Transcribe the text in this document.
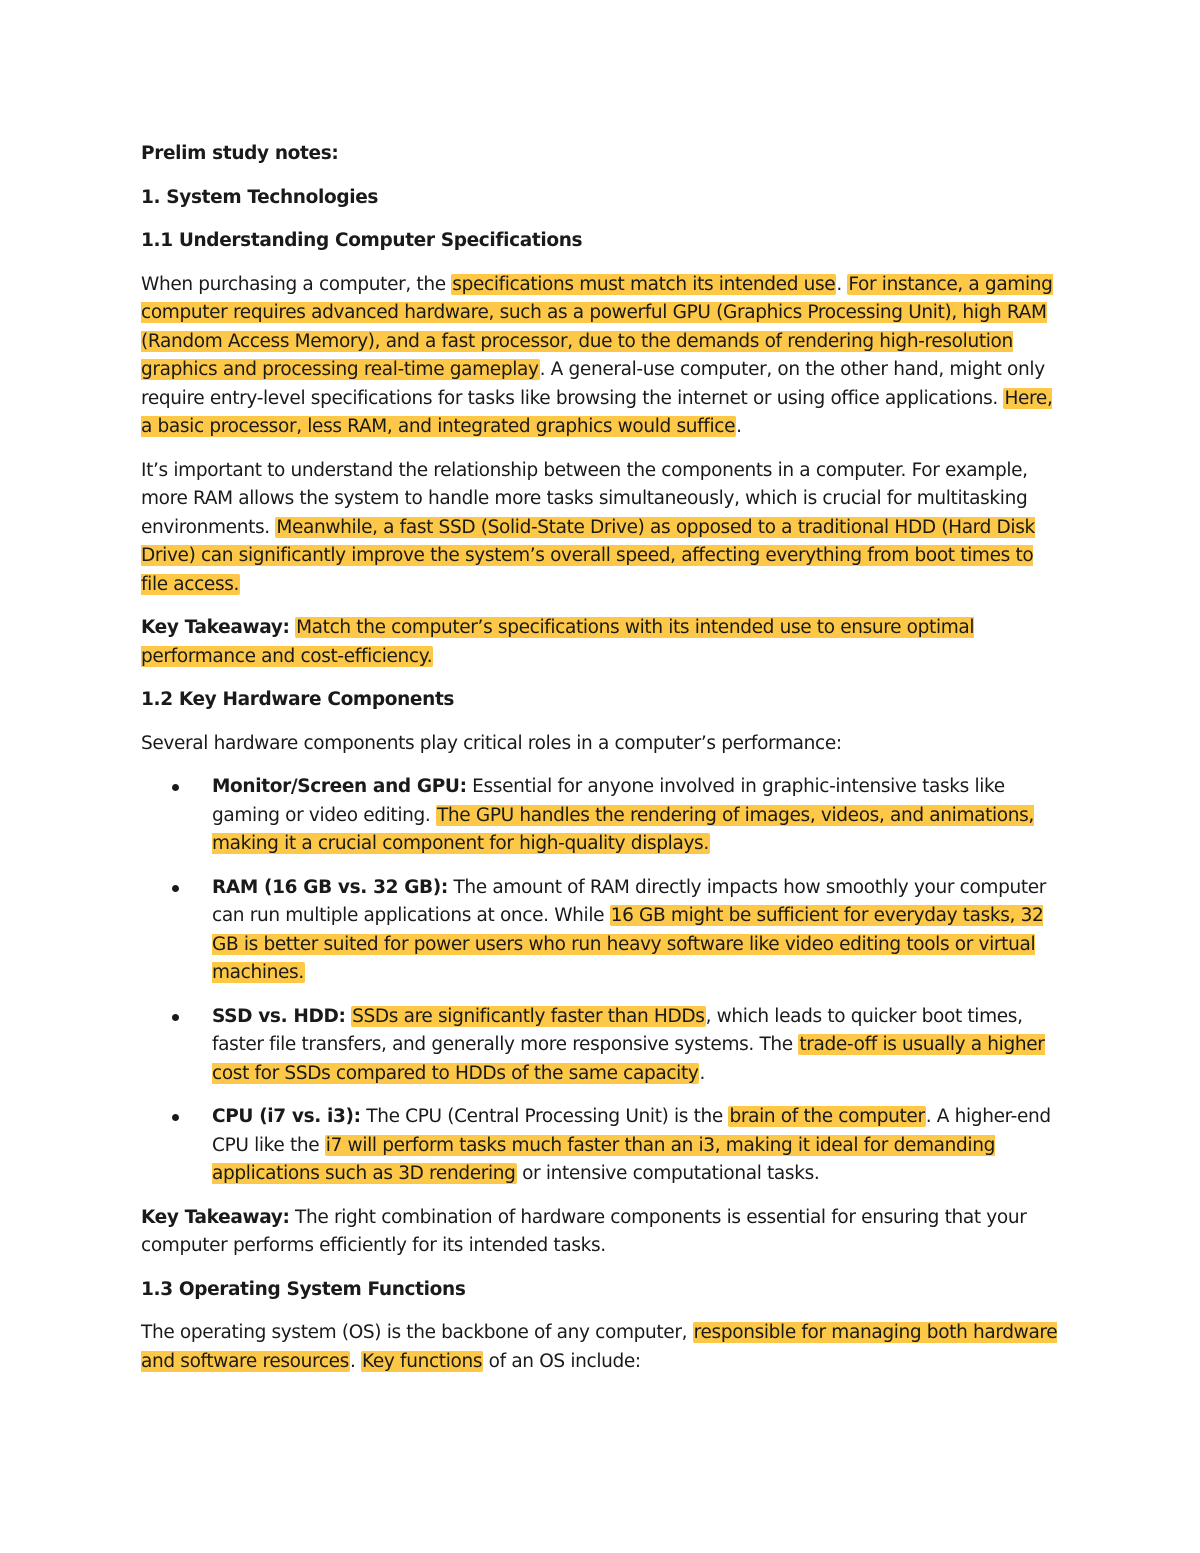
Prelim study notes:

1. System Technologies

1.1 Understanding Computer Specifications

When purchasing a computer, the specifications must match its intended use. For instance, a gaming computer requires advanced hardware, such as a powerful GPU (Graphics Processing Unit), high RAM (Random Access Memory), and a fast processor, due to the demands of rendering high-resolution graphics and processing real-time gameplay. A general-use computer, on the other hand, might only require entry-level specifications for tasks like browsing the internet or using office applications. Here, a basic processor, less RAM, and integrated graphics would suffice.

It’s important to understand the relationship between the components in a computer. For example, more RAM allows the system to handle more tasks simultaneously, which is crucial for multitasking environments. Meanwhile, a fast SSD (Solid-State Drive) as opposed to a traditional HDD (Hard Disk Drive) can significantly improve the system’s overall speed, affecting everything from boot times to file access.

Key Takeaway: Match the computer’s specifications with its intended use to ensure optimal performance and cost-efficiency.

1.2 Key Hardware Components

Several hardware components play critical roles in a computer’s performance:

Monitor/Screen and GPU: Essential for anyone involved in graphic-intensive tasks like gaming or video editing. The GPU handles the rendering of images, videos, and animations, making it a crucial component for high-quality displays.
RAM (16 GB vs. 32 GB): The amount of RAM directly impacts how smoothly your computer can run multiple applications at once. While 16 GB might be sufficient for everyday tasks, 32 GB is better suited for power users who run heavy software like video editing tools or virtual machines.
SSD vs. HDD: SSDs are significantly faster than HDDs, which leads to quicker boot times, faster file transfers, and generally more responsive systems. The trade-off is usually a higher cost for SSDs compared to HDDs of the same capacity.
CPU (i7 vs. i3): The CPU (Central Processing Unit) is the brain of the computer. A higher-end CPU like the i7 will perform tasks much faster than an i3, making it ideal for demanding applications such as 3D rendering or intensive computational tasks.

Key Takeaway: The right combination of hardware components is essential for ensuring that your computer performs efficiently for its intended tasks.

1.3 Operating System Functions

The operating system (OS) is the backbone of any computer, responsible for managing both hardware and software resources. Key functions of an OS include:
